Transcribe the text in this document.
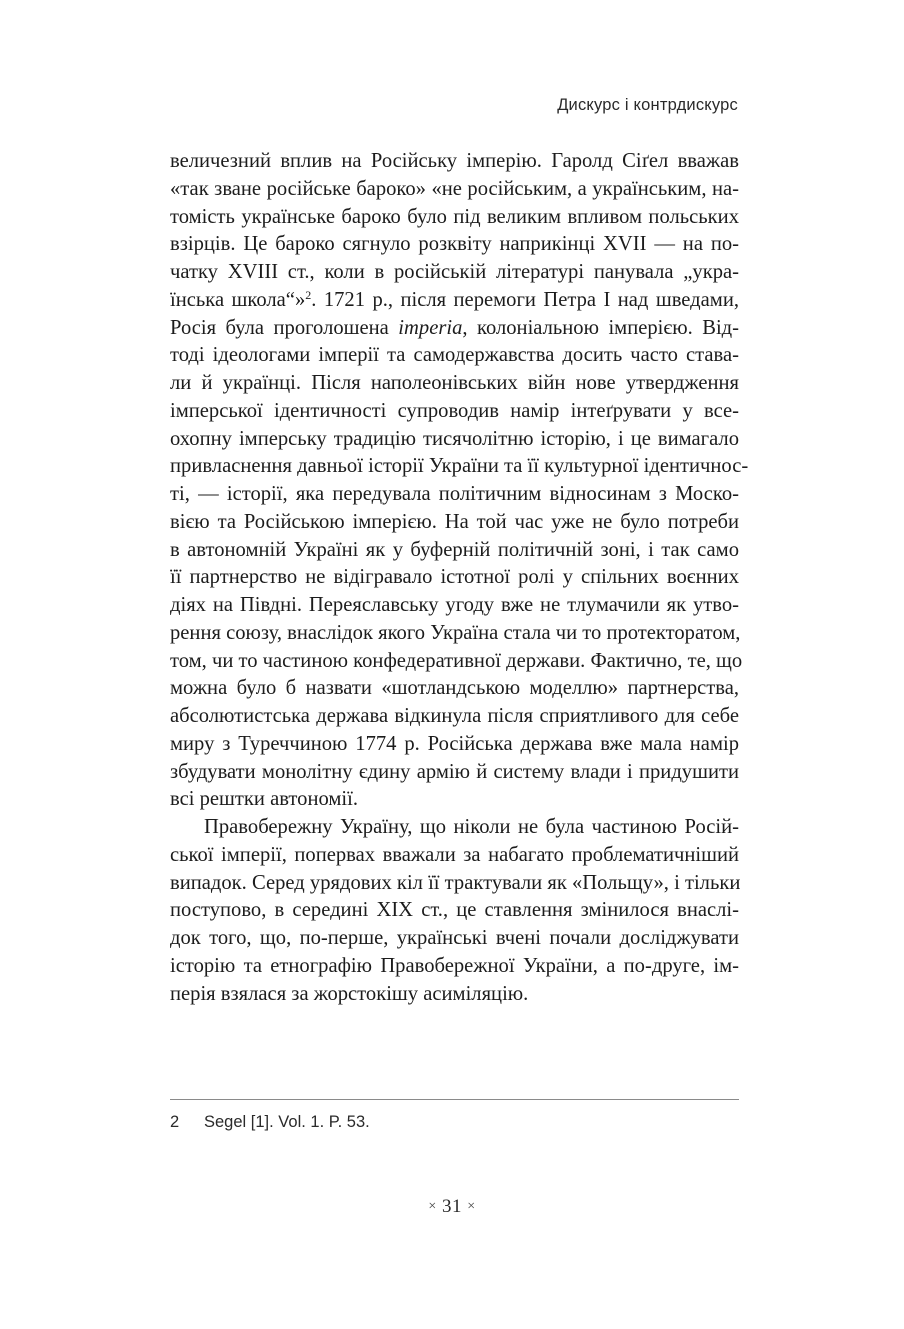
Дискурс і контрдискурс
величезний вплив на Російську імперію. Гаролд Сіґел вважав
«так зване російське бароко» «не російським, а українським, на-
томість українське бароко було під великим впливом польських
взірців. Це бароко сягнуло розквіту наприкінці XVII — на по-
чатку XVIII ст., коли в російській літературі панувала „укра-
їнська школа“»$^2$. 1721 р., після перемоги Петра І над шведами,
Росія була проголошена imperia, колоніальною імперією. Від-
тоді ідеологами імперії та самодержавства досить часто става-
ли й українці. Після наполеонівських війн нове утвердження
імперської ідентичності супроводив намір інтеґрувати у все-
охопну імперську традицію тисячолітню історію, і це вимагало
привласнення давньої історії України та її культурної ідентичнос-
ті, — історії, яка передувала політичним відносинам з Моско-
вією та Російською імперією. На той час уже не було потреби
в автономній Україні як у буферній політичній зоні, і так само
її партнерство не відігравало істотної ролі у спільних воєнних
діях на Півдні. Переяславську угоду вже не тлумачили як утво-
рення союзу, внаслідок якого Україна стала чи то протекторатом,
том, чи то частиною конфедеративної держави. Фактично, те, що
можна було б назвати «шотландською моделлю» партнерства,
абсолютистська держава відкинула після сприятливого для себе
миру з Туреччиною 1774 р. Російська держава вже мала намір
збудувати монолітну єдину армію й систему влади і придушити
всі рештки автономії.
Правобережну Україну, що ніколи не була частиною Росій-
ської імперії, попервах вважали за набагато проблематичніший
випадок. Серед урядових кіл її трактували як «Польщу», і тільки
поступово, в середині XIX ст., це ставлення змінилося внаслі-
док того, що, по-перше, українські вчені почали досліджувати
історію та етнографію Правобережної України, а по-друге, ім-
перія взялася за жорстокішу асиміляцію.
2 Segel [1]. Vol. 1. P. 53.
× 31 ×
